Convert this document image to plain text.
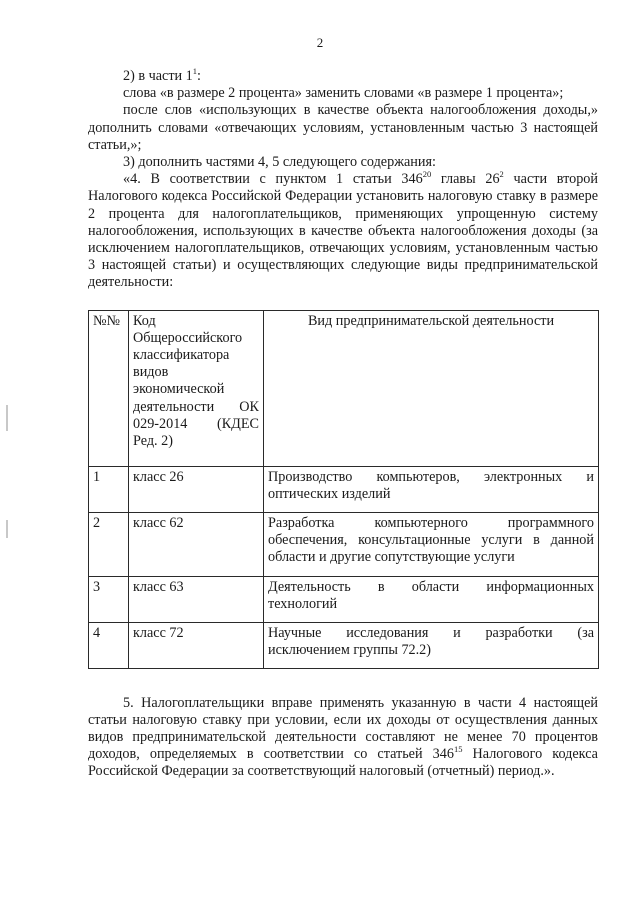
2

2) в части $1^1$:

слова «в размере 2 процента» заменить словами «в размере 1 процента»;

после слов «использующих в качестве объекта налогообложения доходы,» дополнить словами «отвечающих условиям, установленным частью 3 настоящей статьи,»;

3) дополнить частями 4, 5 следующего содержания:

«4. В соответствии с пунктом 1 статьи $346^{20}$ главы $26^2$ части второй Налогового кодекса Российской Федерации установить налоговую ставку в размере 2 процента для налогоплательщиков, применяющих упрощенную систему налогообложения, использующих в качестве объекта налогообложения доходы (за исключением налогоплательщиков, отвечающих условиям, установленным частью 3 настоящей статьи) и осуществляющих следующие виды предпринимательской деятельности:

№№	Код Общероссийского классификатора видов экономической деятельности ОК 029-2014 (КДЕС Ред. 2)	Вид предпринимательской деятельности
1	класс 26	Производство компьютеров, электронных и оптических изделий
2	класс 62	Разработка компьютерного программного обеспечения, консультационные услуги в данной области и другие сопутствующие услуги
3	класс 63	Деятельность в области информационных технологий
4	класс 72	Научные исследования и разработки (за исключением группы 72.2)

5. Налогоплательщики вправе применять указанную в части 4 настоящей статьи налоговую ставку при условии, если их доходы от осуществления данных видов предпринимательской деятельности составляют не менее 70 процентов доходов, определяемых в соответствии со статьей $346^{15}$ Налогового кодекса Российской Федерации за соответствующий налоговый (отчетный) период.».
